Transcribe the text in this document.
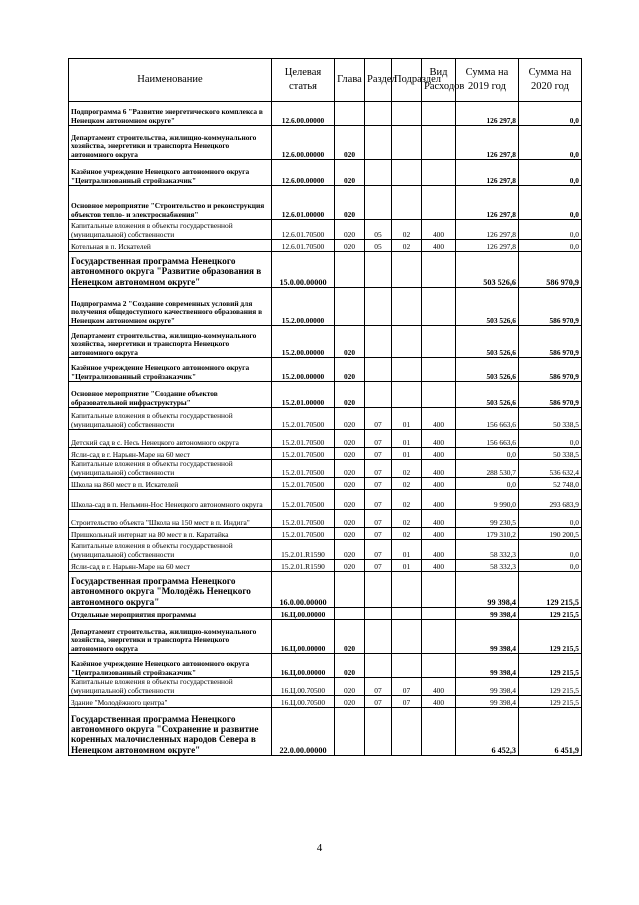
Наименование	Целевая статья	Глава	Раздел	Подраздел	Вид Расходов	Сумма на 2019 год	Сумма на 2020 год
Подпрограмма 6 "Развитие энергетического комплекса в Ненецком автономном округе"	12.6.00.00000					126 297,8	0,0
Департамент строительства, жилищно-коммунального хозяйства, энергетики и транспорта Ненецкого автономного округа	12.6.00.00000	020				126 297,8	0,0
Казённое учреждение Ненецкого автономного округа "Централизованный стройзаказчик"	12.6.00.00000	020				126 297,8	0,0
Основное мероприятие "Строительство и реконструкция объектов тепло- и электроснабжения"	12.6.01.00000	020				126 297,8	0,0
Капитальные вложения в объекты государственной (муниципальной) собственности	12.6.01.70500	020	05	02	400	126 297,8	0,0
Котельная в п. Искателей	12.6.01.70500	020	05	02	400	126 297,8	0,0
Государственная программа Ненецкого автономного округа "Развитие образования в Ненецком автономном округе"	15.0.00.00000					503 526,6	586 970,9
Подпрограмма 2 "Создание современных условий для получения общедоступного качественного образования в Ненецком автономном округе"	15.2.00.00000					503 526,6	586 970,9
Департамент строительства, жилищно-коммунального хозяйства, энергетики и транспорта Ненецкого автономного округа	15.2.00.00000	020				503 526,6	586 970,9
Казённое учреждение Ненецкого автономного округа "Централизованный стройзаказчик"	15.2.00.00000	020				503 526,6	586 970,9
Основное мероприятие "Создание объектов образовательной инфраструктуры"	15.2.01.00000	020				503 526,6	586 970,9
Капитальные вложения в объекты государственной (муниципальной) собственности	15.2.01.70500	020	07	01	400	156 663,6	50 338,5
Детский сад в с. Несь Ненецкого автономного округа	15.2.01.70500	020	07	01	400	156 663,6	0,0
Ясли-сад в г. Нарьян-Маре на 60 мест	15.2.01.70500	020	07	01	400	0,0	50 338,5
Капитальные вложения в объекты государственной (муниципальной) собственности	15.2.01.70500	020	07	02	400	288 530,7	536 632,4
Школа на 860 мест в п. Искателей	15.2.01.70500	020	07	02	400	0,0	52 748,0
Школа-сад в п. Нельмин-Нос Ненецкого автономного округа	15.2.01.70500	020	07	02	400	9 990,0	293 683,9
Строительство объекта "Школа на 150 мест в п. Индига"	15.2.01.70500	020	07	02	400	99 230,5	0,0
Пришкольный интернат на 80 мест в п. Каратайка	15.2.01.70500	020	07	02	400	179 310,2	190 200,5
Капитальные вложения в объекты государственной (муниципальной) собственности	15.2.01.R1590	020	07	01	400	58 332,3	0,0
Ясли-сад в г. Нарьян-Маре на 60 мест	15.2.01.R1590	020	07	01	400	58 332,3	0,0
Государственная программа Ненецкого автономного округа "Молодёжь Ненецкого автономного округа"	16.0.00.00000					99 398,4	129 215,5
Отдельные мероприятия программы	16.Ц.00.00000					99 398,4	129 215,5
Департамент строительства, жилищно-коммунального хозяйства, энергетики и транспорта Ненецкого автономного округа	16.Ц.00.00000	020				99 398,4	129 215,5
Казённое учреждение Ненецкого автономного округа "Централизованный стройзаказчик"	16.Ц.00.00000	020				99 398,4	129 215,5
Капитальные вложения в объекты государственной (муниципальной) собственности	16.Ц.00.70500	020	07	07	400	99 398,4	129 215,5
Здание "Молодёжного центра"	16.Ц.00.70500	020	07	07	400	99 398,4	129 215,5
Государственная программа Ненецкого автономного округа "Сохранение и развитие коренных малочисленных народов Севера в Ненецком автономном округе"	22.0.00.00000					6 452,3	6 451,9
4
